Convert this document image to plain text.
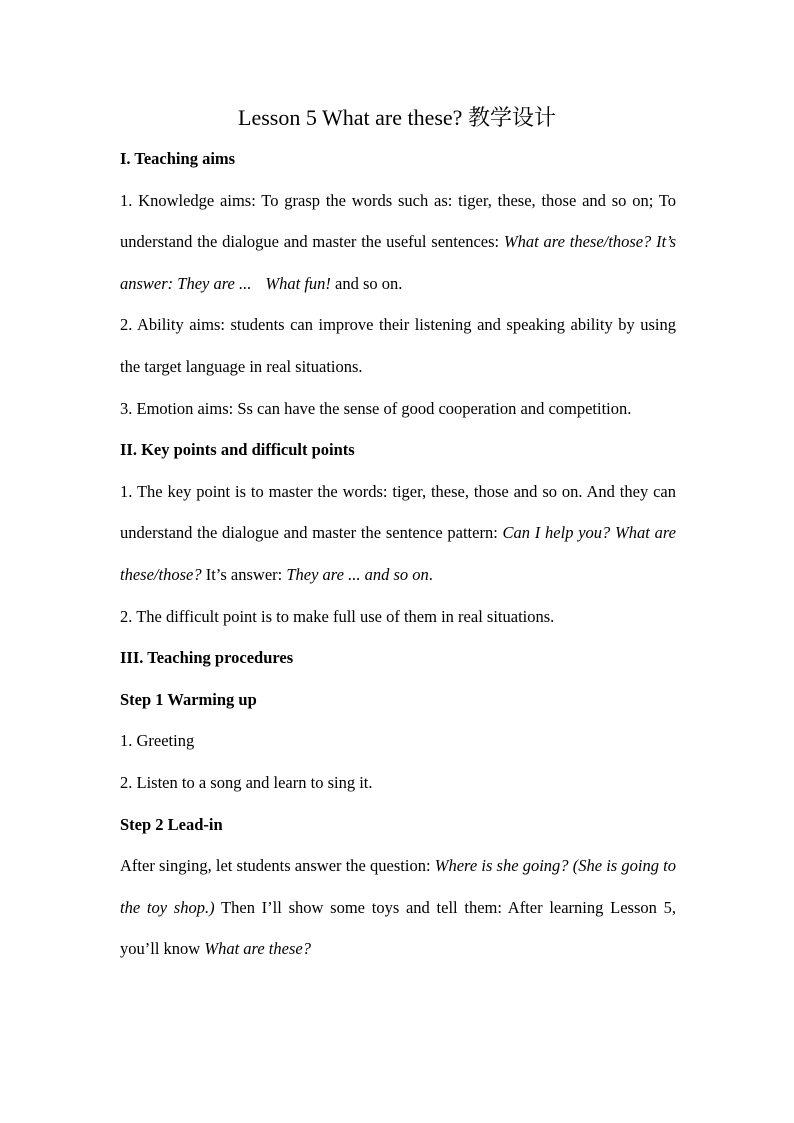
Lesson 5 What are these? 教学设计

I. Teaching aims

1. Knowledge aims: To grasp the words such as: tiger, these, those and so on; To understand the dialogue and master the useful sentences: What are these/those? It’s answer: They are ... What fun! and so on.

2. Ability aims: students can improve their listening and speaking ability by using the target language in real situations.

3. Emotion aims: Ss can have the sense of good cooperation and competition.

II. Key points and difficult points

1. The key point is to master the words: tiger, these, those and so on. And they can understand the dialogue and master the sentence pattern: Can I help you? What are these/those? It’s answer: They are ... and so on.

2. The difficult point is to make full use of them in real situations.

III. Teaching procedures

Step 1 Warming up

1. Greeting

2. Listen to a song and learn to sing it.

Step 2 Lead-in

After singing, let students answer the question: Where is she going? (She is going to the toy shop.) Then I’ll show some toys and tell them: After learning Lesson 5, you’ll know What are these?
